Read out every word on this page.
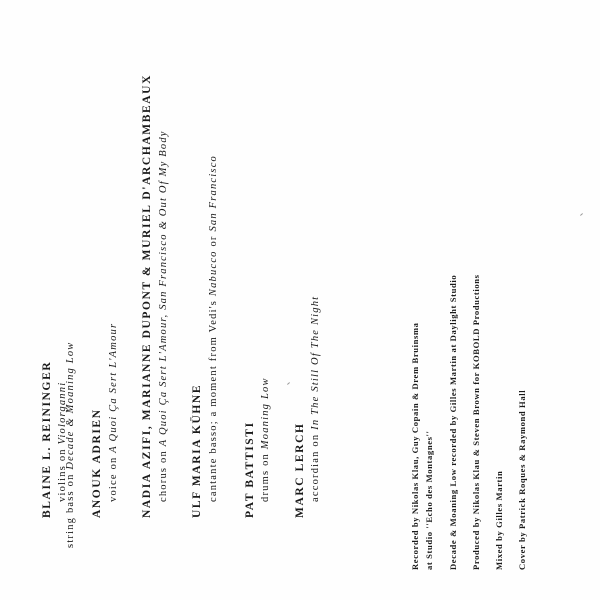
string bass on Decade & Moaning Low
BLAINE L. REININGER violins on Violorganni ANOUK ADRIEN voice on A Quoi Ça Sert L'Amour NADIA AZIFI, MARIANNE DUPONT & MURIEL D'ARCHAMBEAUX chorus on A Quoi Ça Sert L'Amour, San Francisco & Out Of My Body
ULF MARIA KÜHNE cantante basso; a moment from Vedi's Nabucco or San Francisco
PAT BATTISTI drums on Moaning Low
MARC LERCH accordian on In The Still Of The Night	Recorded by Nikolas Klau, Guy Copain & Drem Bruinsma at Studio ''Echo des Montagnes'' Decade & Moaning Low recorded by Gilles Martin at Daylight Studio Produced by Nikolas Klau & Steven Brown for KOBOLD Productions Mixed by Gilles Martin Cover by Patrick Roques & Raymond Hall
